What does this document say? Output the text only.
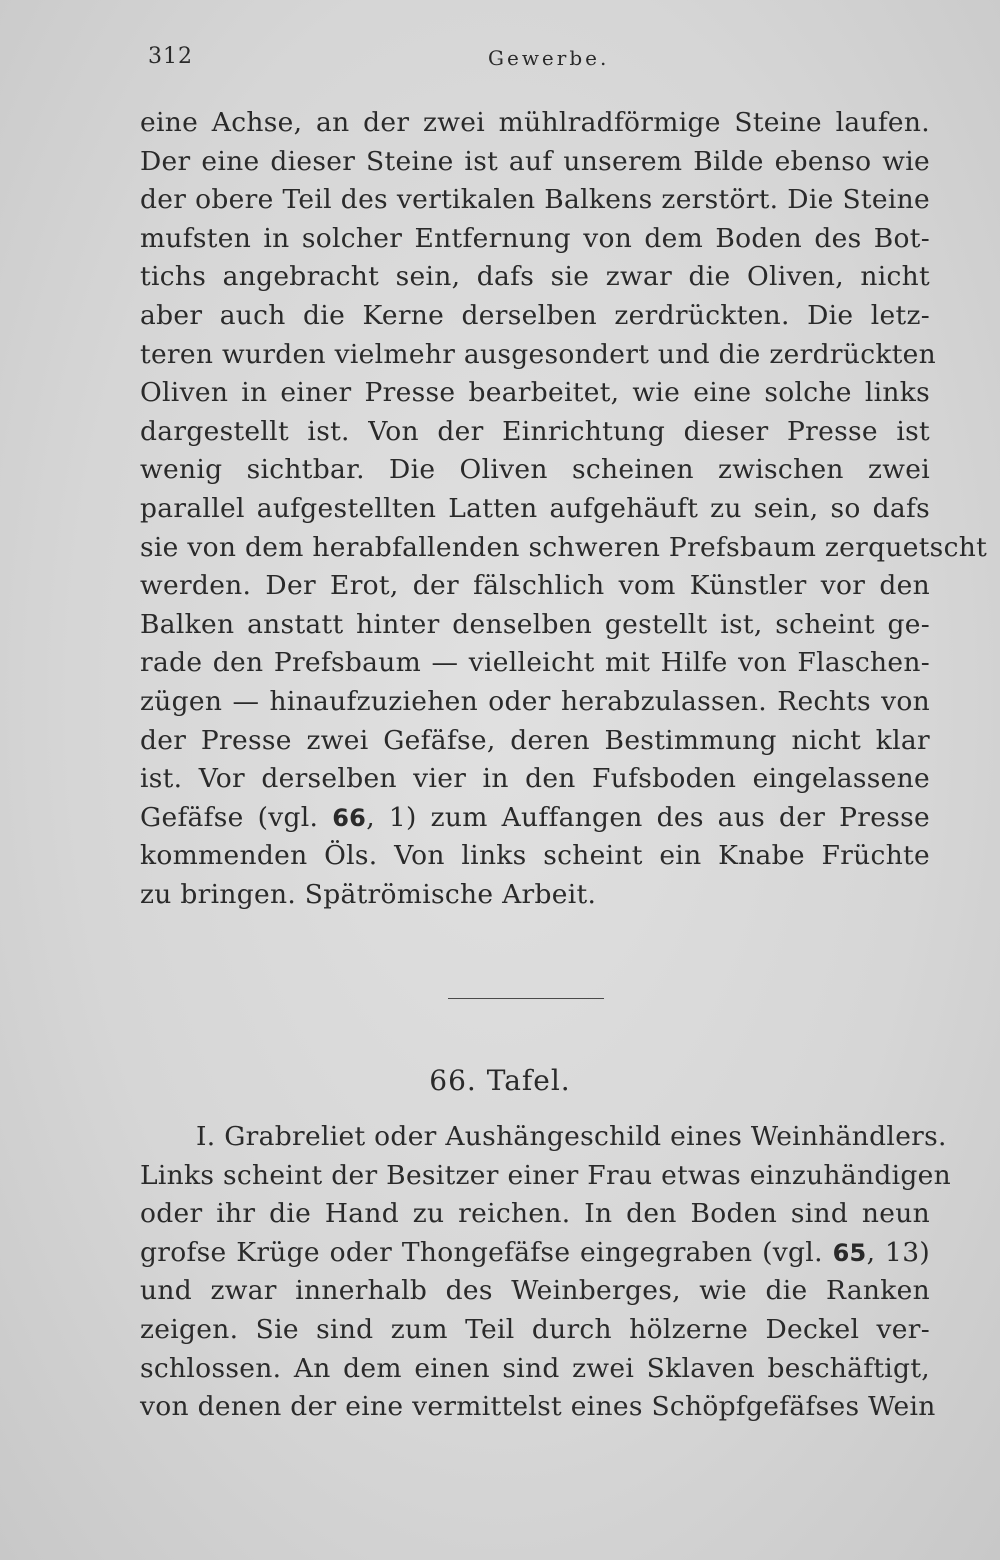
312	Gewerbe.
eine Achse, an der zwei mühlradförmige Steine laufen.
Der eine dieser Steine ist auf unserem Bilde ebenso wie
der obere Teil des vertikalen Balkens zerstört. Die Steine
mufsten in solcher Entfernung von dem Boden des Bot-
tichs angebracht sein, dafs sie zwar die Oliven, nicht
aber auch die Kerne derselben zerdrückten. Die letz-
teren wurden vielmehr ausgesondert und die zerdrückten
Oliven in einer Presse bearbeitet, wie eine solche links
dargestellt ist. Von der Einrichtung dieser Presse ist
wenig sichtbar. Die Oliven scheinen zwischen zwei
parallel aufgestellten Latten aufgehäuft zu sein, so dafs
sie von dem herabfallenden schweren Prefsbaum zerquetscht
werden. Der Erot, der fälschlich vom Künstler vor den
Balken anstatt hinter denselben gestellt ist, scheint ge-
rade den Prefsbaum — vielleicht mit Hilfe von Flaschen-
zügen — hinaufzuziehen oder herabzulassen. Rechts von
der Presse zwei Gefäfse, deren Bestimmung nicht klar
ist. Vor derselben vier in den Fufsboden eingelassene
Gefäfse (vgl. 66, 1) zum Auffangen des aus der Presse
kommenden Öls. Von links scheint ein Knabe Früchte
zu bringen. Spätrömische Arbeit.
66. Tafel.
I. Grabreliet oder Aushängeschild eines Weinhändlers.
Links scheint der Besitzer einer Frau etwas einzuhändigen
oder ihr die Hand zu reichen. In den Boden sind neun
grofse Krüge oder Thongefäfse eingegraben (vgl. 65, 13)
und zwar innerhalb des Weinberges, wie die Ranken
zeigen. Sie sind zum Teil durch hölzerne Deckel ver-
schlossen. An dem einen sind zwei Sklaven beschäftigt,
von denen der eine vermittelst eines Schöpfgefäfses Wein
